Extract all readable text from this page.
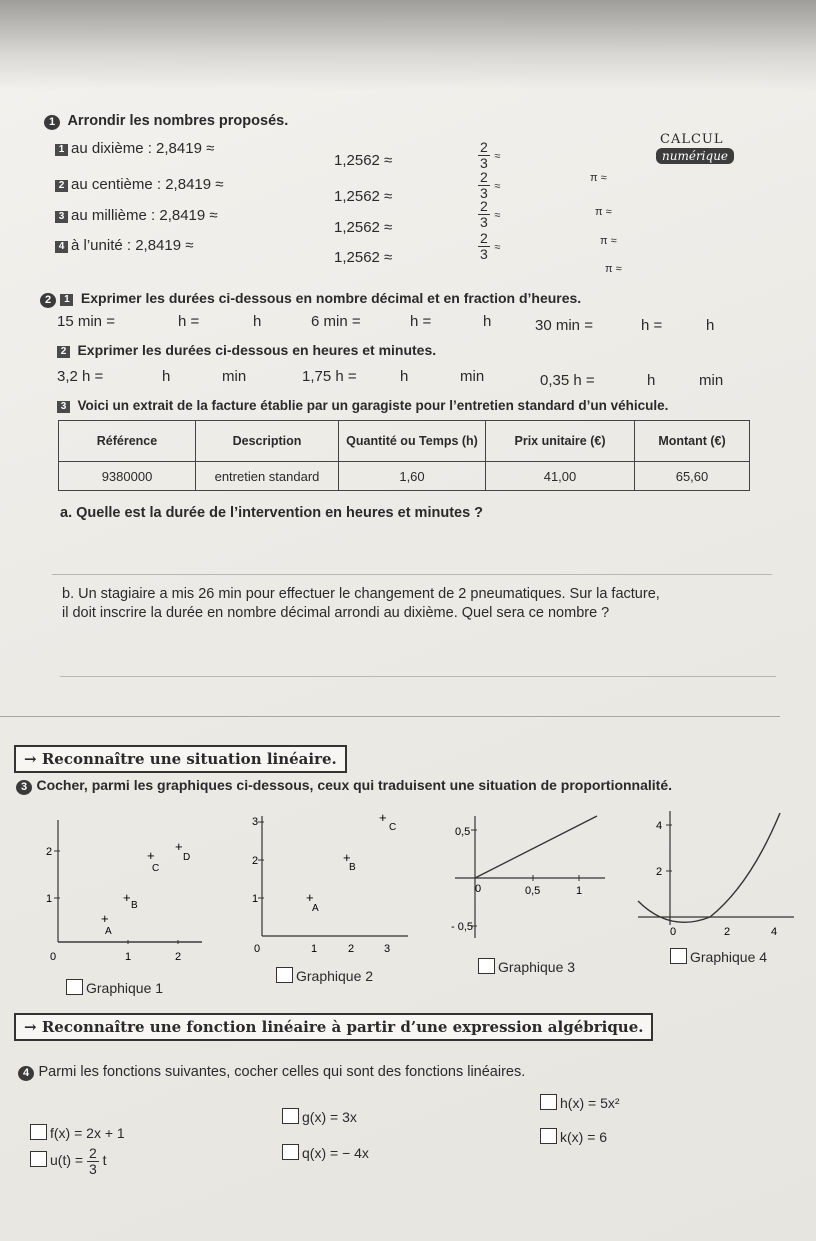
1 Arrondir les nombres proposés.
CALCUL
numérique
1 au dixième : 2,8419 ≈
1,2562 ≈	$\frac{2}{3}$ ≈
π ≈
2 au centième : 2,8419 ≈
1,2562 ≈	$\frac{2}{3}$ ≈
π ≈
3 au millième : 2,8419 ≈
1,2562 ≈	$\frac{2}{3}$ ≈
π ≈
4 à l’unité : 2,8419 ≈
1,2562 ≈	$\frac{2}{3}$ ≈
π ≈
2 1 Exprimer les durées ci-dessous en nombre décimal et en fraction d’heures.
15 min =	h =	h	6 min =	h =	h	30 min =	h =	h
2 Exprimer les durées ci-dessous en heures et minutes.
3,2 h =	h	min	1,75 h =	h	min	0,35 h =	h	min
3 Voici un extrait de la facture établie par un garagiste pour l’entretien standard d’un véhicule.
Référence	Description	Quantité ou Temps (h)	Prix unitaire (€)	Montant (€)
9380000	entretien standard	1,60	41,00	65,60
a. Quelle est la durée de l’intervention en heures et minutes ?
b. Un stagiaire a mis 26 min pour effectuer le changement de 2 pneumatiques. Sur la facture,
il doit inscrire la durée en nombre décimal arrondi au dixième. Quel sera ce nombre ?
→ Reconnaître une situation linéaire.
3 Cocher, parmi les graphiques ci-dessous, ceux qui traduisent une situation de proportionnalité.
2
1
0	1	2
+
A
+
B
+
C
+
D
Graphique 1
3
2
1
0	1	2	3
+
A
+
B
+
C
Graphique 2
0,5
- 0,5
0	0,5	1
Graphique 3
4
2
0	2	4
Graphique 4
→ Reconnaître une fonction linéaire à partir d’une expression algébrique.
4 Parmi les fonctions suivantes, cocher celles qui sont des fonctions linéaires.
h(x) = 5x²
g(x) = 3x
f(x) = 2x + 1	k(x) = 6
q(x) = − 4x
$u(t) = \frac{2}{3}$ t
